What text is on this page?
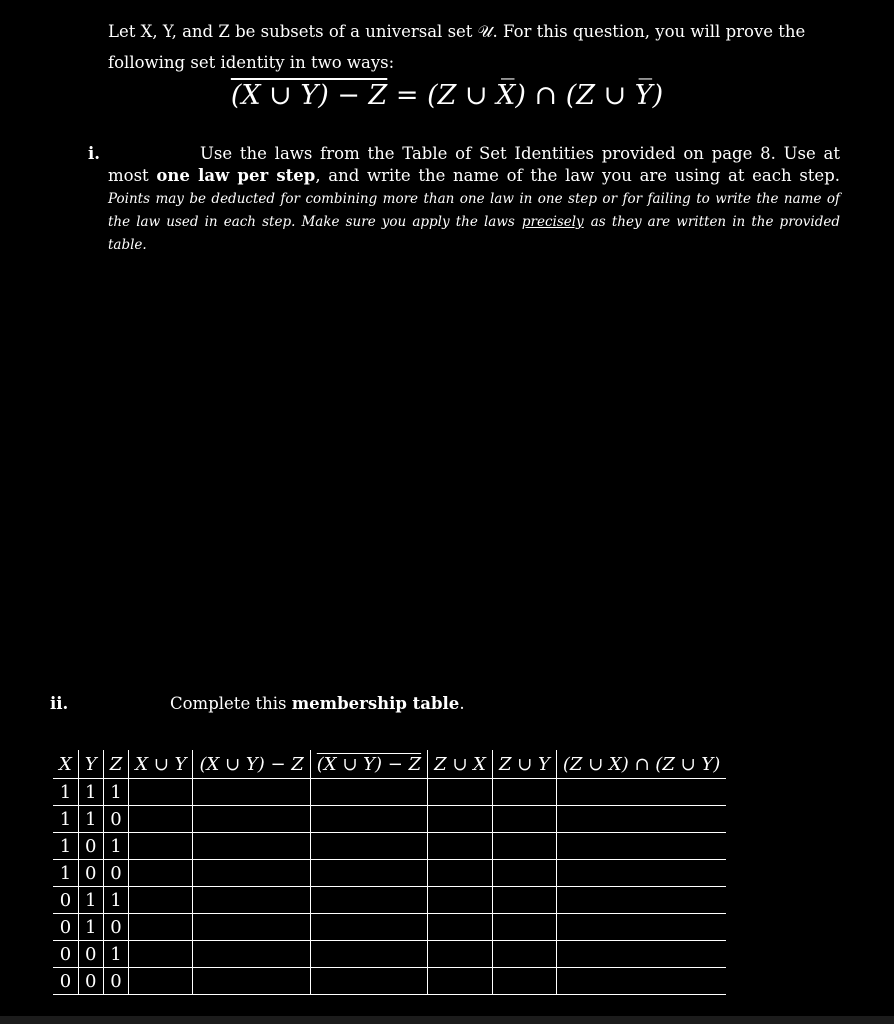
Let X, Y, and Z be subsets of a universal set 𝒰. For this question, you will prove the
following set identity in two ways:
(X ∪ Y) − Z = (Z ∪ X̅) ∩ (Z ∪ Y̅)
i.	Use the laws from the Table of Set Identities provided on page 8. Use at most one law per step, and write the name of the law you are using at each step. Points may be deducted for combining more than one law in one step or for failing to write the name of the law used in each step. Make sure you apply the laws precisely as they are written in the provided table.
ii.	Complete this membership table.
X	Y	Z	X ∪ Y	(X ∪ Y) − Z	(X ∪ Y) − Z	Z ∪ X	Z ∪ Y	(Z ∪ X) ∩ (Z ∪ Y)
1	1	1						
1	1	0						
1	0	1						
1	0	0						
0	1	1						
0	1	0						
0	0	1						
0	0	0						
